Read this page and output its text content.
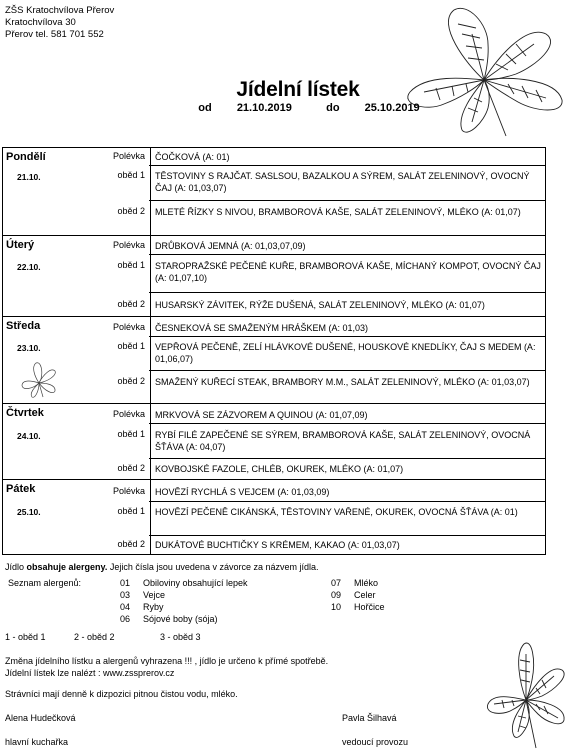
ZŠS Kratochvílova Přerov
Kratochvílova 30
Přerov tel. 581 701 552
Jídelní lístek
od 21.10.2019	do 25.10.2019
Pondělí
21.10.
Polévka	ČOČKOVÁ (A: 01)
oběd 1	TĚSTOVINY S RAJČAT. SASLSOU, BAZALKOU A SÝREM, SALÁT ZELENINOVÝ, OVOCNÝ ČAJ (A: 01,03,07)
oběd 2	MLETÉ ŘÍZKY S NIVOU, BRAMBOROVÁ KAŠE, SALÁT ZELENINOVÝ, MLÉKO (A: 01,07)
Úterý
22.10.
Polévka	DRŮBKOVÁ JEMNÁ (A: 01,03,07,09)
oběd 1	STAROPRAŽSKÉ PEČENÉ KUŘE, BRAMBOROVÁ KAŠE, MÍCHANÝ KOMPOT, OVOCNÝ ČAJ (A: 01,07,10)
oběd 2	HUSARSKÝ ZÁVITEK, RÝŽE DUŠENÁ, SALÁT ZELENINOVÝ, MLÉKO (A: 01,07)
Středa
23.10.
Polévka	ČESNEKOVÁ SE SMAŽENÝM HRÁŠKEM (A: 01,03)
oběd 1	VEPŘOVÁ PEČENĚ, ZELÍ HLÁVKOVÉ DUŠENÉ, HOUSKOVÉ KNEDLÍKY, ČAJ S MEDEM (A: 01,06,07)
oběd 2	SMAŽENÝ KUŘECÍ STEAK, BRAMBORY M.M., SALÁT ZELENINOVÝ, MLÉKO (A: 01,03,07)
Čtvrtek
24.10.
Polévka	MRKVOVÁ SE ZÁZVOREM A QUINOU (A: 01,07,09)
oběd 1	RYBÍ FILÉ ZAPEČENÉ SE SÝREM, BRAMBOROVÁ KAŠE, SALÁT ZELENINOVÝ, OVOCNÁ ŠŤÁVA (A: 04,07)
oběd 2	KOVBOJSKÉ FAZOLE, CHLÉB, OKUREK, MLÉKO (A: 01,07)
Pátek
25.10.
Polévka	HOVĚZÍ RYCHLÁ S VEJCEM (A: 01,03,09)
oběd 1	HOVĚZÍ PEČENĚ CIKÁNSKÁ, TĚSTOVINY VAŘENÉ, OKUREK, OVOCNÁ ŠŤÁVA (A: 01)
oběd 2	DUKÁTOVÉ BUCHTIČKY S KRÉMEM, KAKAO (A: 01,03,07)
Jídlo obsahuje alergeny. Jejich čísla jsou uvedena v závorce za názvem jídla.
Seznam alergenů:	01 Obiloviny obsahující lepek
03 Vejce
04 Ryby
06 Sójové boby (sója)
07 Mléko
09 Celer
10 Hořčice
1 - oběd 1	2 - oběd 2	3 - oběd 3
Změna jídelního lístku a alergenů vyhrazena !!! , jídlo je určeno k přímé spotřebě.
Jídelní lístek lze nalézt : www.zssprerov.cz
Strávníci mají denně k dizpozici pitnou čistou vodu, mléko.
Alena Hudečková
hlavní kuchařka
Pavla Šilhavá
vedoucí provozu
